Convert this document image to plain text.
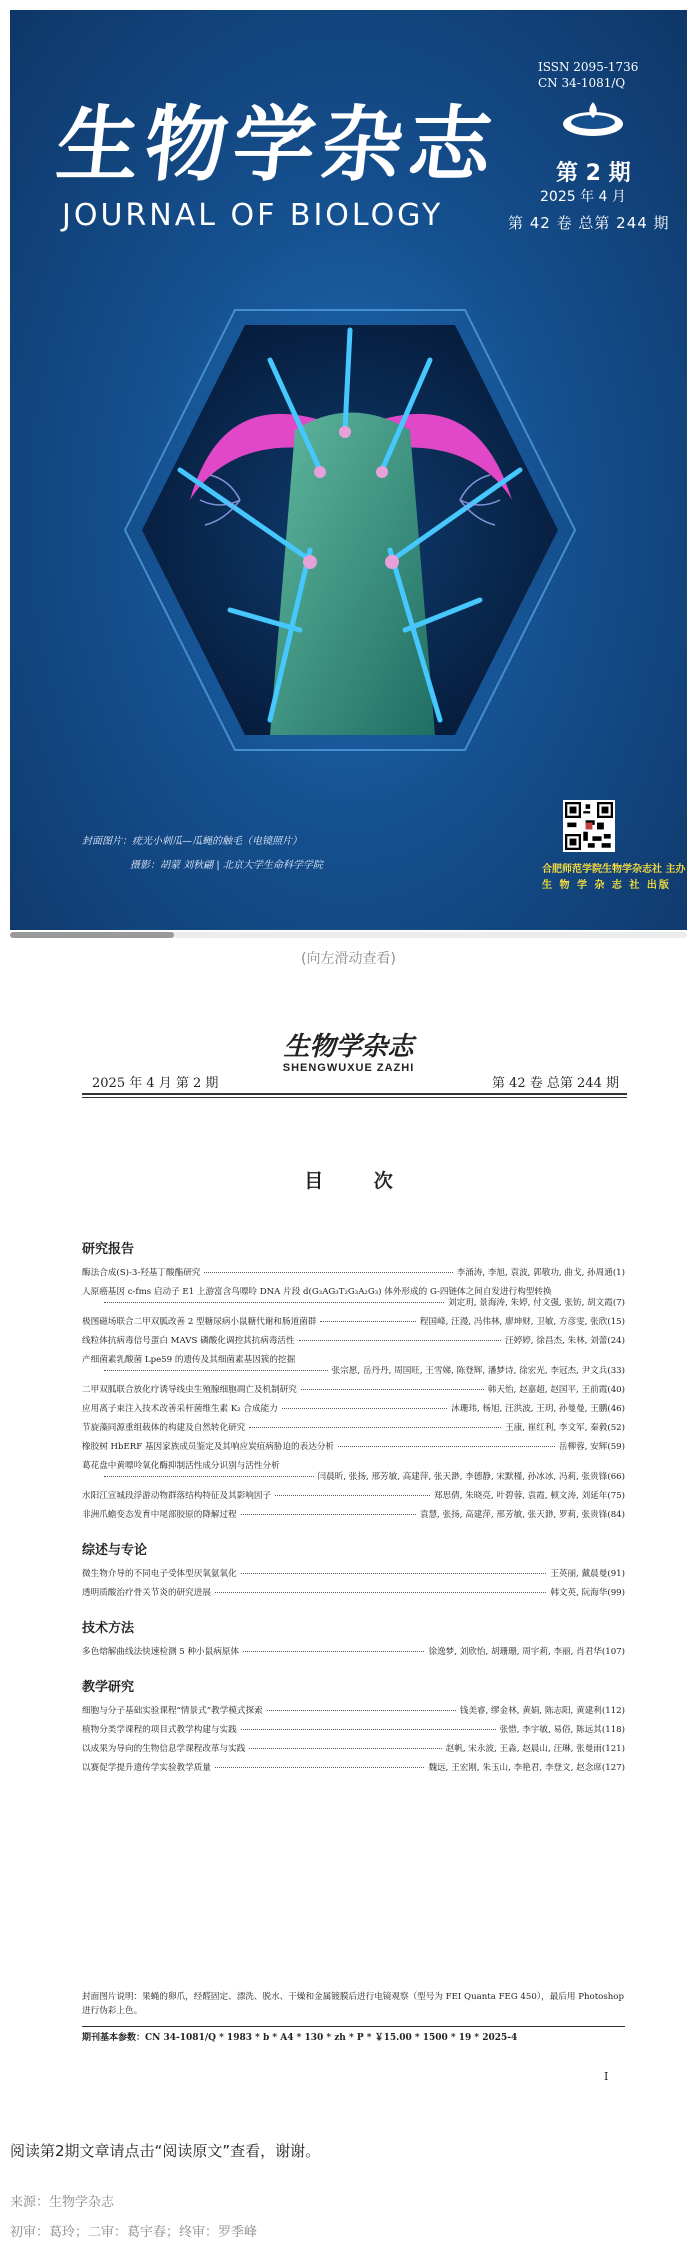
生物学杂志
JOURNAL OF BIOLOGY
ISSN 2095-1736
CN 34-1081/Q
第 2 期
2025 年 4 月
第 42 卷 总第 244 期
封面图片：疣光小刺瓜—瓜蝇的触毛（电镜照片）
摄影：胡蒙 刘秋翩 | 北京大学生命科学学院	合肥师范学院生物学杂志社 主办
生 物 学 杂 志 社 出版
(向左滑动查看)
生物学杂志
SHENGWUXUE ZAZHI
2025 年 4 月 第 2 期	第 42 卷 总第 244 期
目 次
研究报告
酶法合成(S)-3-羟基丁酸酯研究	李涌涛, 李旭, 袁波, 郭敬功, 曲戈, 孙周通(1)
人原癌基因 c-fms 启动子 E1 上游富含鸟嘌呤 DNA 片段 d(G₃AG₃T₂G₃A₂G₃) 体外形成的 G-四链体之间自发进行构型转换
刘定玥, 景海涛, 朱婷, 付文强, 张钫, 胡文霞(7)
极图磁场联合二甲双胍改善 2 型糖尿病小鼠糖代谢和肠道菌群	程国峰, 汪漫, 冯伟林, 廖坤财, 卫敏, 方彦雯, 张欣(15)
线粒体抗病毒信号蛋白 MAVS 磷酸化调控其抗病毒活性	汪婷婷, 徐昌杰, 朱林, 刘蕾(24)
产细菌素乳酸菌 Lpe59 的遗传及其细菌素基因簇的挖掘
张宗愿, 岳丹丹, 周国旺, 王雪娣, 陈登辉, 潘梦诗, 徐宏光, 李冠杰, 尹文兵(33)
二甲双胍联合放化疗诱导线虫生殖腺细胞凋亡及机制研究	韩天怡, 赵嘉超, 赵国平, 王前霞(40)
应用离子束注入技术改善采杆菌维生素 K₂ 合成能力	沐珊玮, 杨旭, 汪洪波, 王玥, 孙曼曼, 王鹏(46)
节旋藻同源重组载体的构建及自然转化研究	王康, 崔红利, 李文军, 秦毅(52)
橡胶树 HbERF 基因家族成员鉴定及其响应炭疽病胁迫的表达分析	岳柳蓉, 安辉(59)
葛花盘中黄嘌呤氧化酶抑制活性成分识别与活性分析
闫晨昕, 张扬, 邢芳敏, 高建萍, 张天渺, 李德静, 宋默槿, 孙冰冰, 冯莉, 张贵锋(66)
水阳江宣城段浮游动物群落结构特征及其影响因子	郑思倩, 朱晓亮, 叶碧蓉, 袁霞, 顿文涛, 刘延年(75)
非洲爪蟾变态发育中尾部胶原的降解过程	袁慧, 张扬, 高建萍, 邢芳敏, 张天渺, 罗莉, 张贵锋(84)
综述与专论
微生物介导的不同电子受体型厌氧氨氧化	王英丽, 戴晨曼(91)
透明质酸治疗骨关节炎的研究进展	韩文英, 阮海华(99)
技术方法
多色熔解曲线法快速检测 5 种小鼠病原体	徐逸梦, 刘欣怡, 胡珊珊, 周宇莉, 李丽, 肖君华(107)
教学研究
细胞与分子基础实验课程“情景式”教学模式探索	钱美睿, 缪金林, 黄娟, 陈志阳, 黄建利(112)
植物分类学课程的项目式教学构建与实践	张惜, 李宇敏, 易俗, 陈远其(118)
以成果为导向的生物信息学课程改革与实践	赵帆, 宋永波, 王淼, 赵晨山, 汪琳, 张曼雨(121)
以赛促学提升遗传学实验教学质量	魏远, 王宏刚, 朱玉山, 李艳君, 李登文, 赵念席(127)
封面图片说明：果蝇的卵爪，经醛固定、漂洗、脱水、干燥和金属镀膜后进行电镜观察（型号为 FEI Quanta FEG 450），最后用 Photoshop 进行伪彩上色。
期刊基本参数：CN 34-1081/Q * 1983 * b * A4 * 130 * zh * P * ￥15.00 * 1500 * 19 * 2025-4
I
阅读第2期文章请点击“阅读原文”查看，谢谢。
来源：生物学杂志
初审：葛玲；二审：葛宇春；终审：罗季峰
